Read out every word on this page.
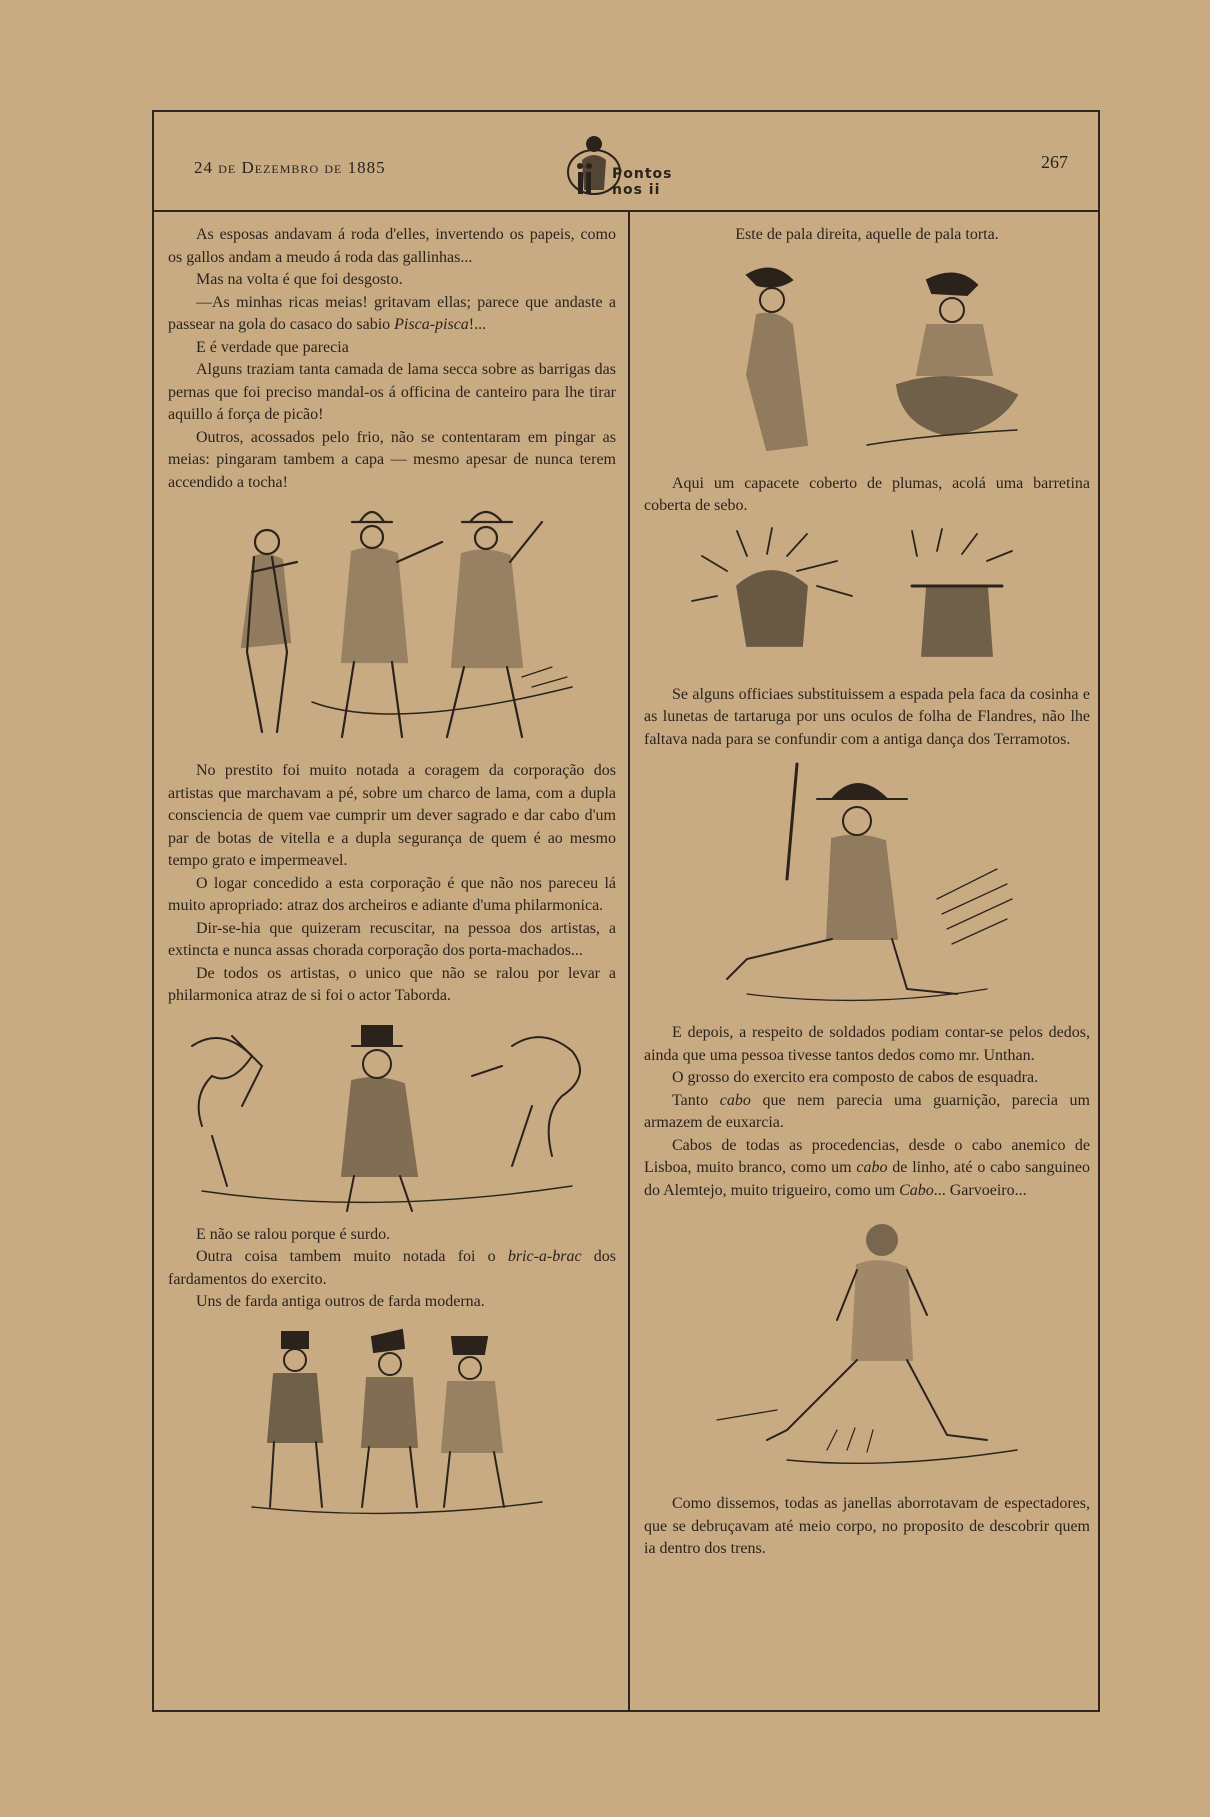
24 de Dezembro de 1885	Pontos nos ii
267

As esposas andavam á roda d'elles, invertendo os papeis, como os gallos andam a meudo á roda das gallinhas...

Mas na volta é que foi desgosto.

—As minhas ricas meias! gritavam ellas; parece que andaste a passear na gola do casaco do sabio Pisca-pisca!...

E é verdade que parecia

Alguns traziam tanta camada de lama secca sobre as barrigas das pernas que foi preciso mandal-os á officina de canteiro para lhe tirar aquillo á força de picão!

Outros, acossados pelo frio, não se contentaram em pingar as meias: pingaram tambem a capa — mesmo apesar de nunca terem accendido a tocha!

No prestito foi muito notada a coragem da corporação dos artistas que marchavam a pé, sobre um charco de lama, com a dupla consciencia de quem vae cumprir um dever sagrado e dar cabo d'um par de botas de vitella e a dupla segurança de quem é ao mesmo tempo grato e impermeavel.

O logar concedido a esta corporação é que não nos pareceu lá muito apropriado: atraz dos archeiros e adiante d'uma philarmonica.

Dir-se-hia que quizeram recuscitar, na pessoa dos artistas, a extincta e nunca assas chorada corporação dos porta-machados...

De todos os artistas, o unico que não se ralou por levar a philarmonica atraz de si foi o actor Taborda.

E não se ralou porque é surdo.

Outra coisa tambem muito notada foi o bric-a-brac dos fardamentos do exercito.

Uns de farda antiga outros de farda moderna.

Este de pala direita, aquelle de pala torta.

Aqui um capacete coberto de plumas, acolá uma barretina coberta de sebo.

Se alguns officiaes substituissem a espada pela faca da cosinha e as lunetas de tartaruga por uns oculos de folha de Flandres, não lhe faltava nada para se confundir com a antiga dança dos Terramotos.

E depois, a respeito de soldados podiam contar-se pelos dedos, ainda que uma pessoa tivesse tantos dedos como mr. Unthan.

O grosso do exercito era composto de cabos de esquadra.

Tanto cabo que nem parecia uma guarnição, parecia um armazem de euxarcia.

Cabos de todas as procedencias, desde o cabo anemico de Lisboa, muito branco, como um cabo de linho, até o cabo sanguineo do Alemtejo, muito trigueiro, como um Cabo... Garvoeiro...

Como dissemos, todas as janellas aborrotavam de espectadores, que se debruçavam até meio corpo, no proposito de descobrir quem ia dentro dos trens.
